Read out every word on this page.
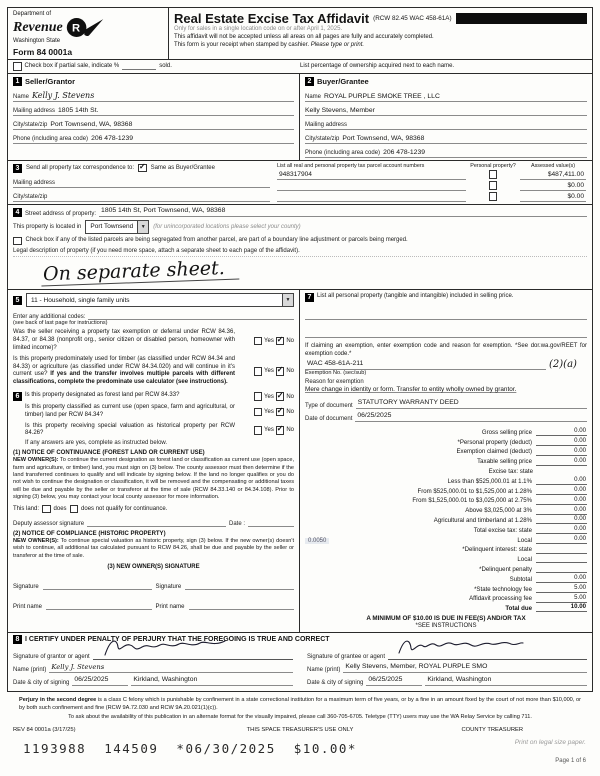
Department of
Revenue R
Washington State
Form 84 0001a
Real Estate Excise Tax Affidavit (RCW 82.45 WAC 458-61A)
Only for sales in a single location code on or after April 1, 2025.
This affidavit will not be accepted unless all areas on all pages are fully and accurately completed.
This form is your receipt when stamped by cashier. Please type or print.
Check box if partial sale, indicate %	sold.	List percentage of ownership acquired next to each name.
1 Seller/Grantor
Name Kelly J. Stevens
Mailing address 1805 14th St.
City/state/zip Port Townsend, WA, 98368
Phone (including area code) 206 478-1239
2 Buyer/Grantee
Name ROYAL PURPLE SMOKE TREE , LLC
Kelly Stevens, Member
Mailing address
City/state/zip Port Townsend, WA, 98368
Phone (including area code) 206 478-1239
3	Send all property tax correspondence to: ✓ Same as Buyer/Grantee
Mailing address
City/state/zip
List all real and personal property tax parcel account numbers	Personal property?	Assessed value(s)
948317904	$487,411.00
$0.00
$0.00
4 Street address of property: 1805 14th St, Port Townsend, WA, 98368
This property is located in	Port Townsend	▼	(for unincorporated locations please select your county)
Check box if any of the listed parcels are being segregated from another parcel, are part of a boundary line adjustment or parcels being merged.
Legal description of property (if you need more space, attach a separate sheet to each page of the affidavit).
On separate sheet.
5	11 - Household, single family units	▼
Enter any additional codes:
(see back of last page for instructions)
Was the seller receiving a property tax exemption or deferral under RCW 84.36, 84.37, or 84.38 (nonprofit org., senior citizen or disabled person, homeowner with limited income)?
Yes ✓ No
Is this property predominately used for timber (as classified under RCW 84.34 and 84.33) or agriculture (as classified under RCW 84.34.020) and will continue in it's current use? If yes and the transfer involves multiple parcels with different classifications, complete the predominate use calculator (see instructions).
Yes ✓ No
6 Is this property designated as forest land per RCW 84.33?	Yes ✓ No
Is this property classified as current use (open space, farm and agricultural, or timber) land per RCW 84.34?	Yes ✓ No
Is this property receiving special valuation as historical property per RCW 84.26?	Yes ✓ No
If any answers are yes, complete as instructed below.
(1) NOTICE OF CONTINUANCE (FOREST LAND OR CURRENT USE)
NEW OWNER(S): To continue the current designation as forest land or classification as current use (open space, farm and agriculture, or timber) land, you must sign on (3) below. The county assessor must then determine if the land transferred continues to qualify and will indicate by signing below. If the land no longer qualifies or you do not wish to continue the designation or classification, it will be removed and the compensating or additional taxes will be due and payable by the seller or transferor at the time of sale (RCW 84.33.140 or 84.34.108). Prior to signing (3) below, you may contact your local county assessor for more information.
This land: does does not qualify for continuance.
Deputy assessor signature	Date :
(2) NOTICE OF COMPLIANCE (HISTORIC PROPERTY)
NEW OWNER(S): To continue special valuation as historic property, sign (3) below. If the new owner(s) doesn't wish to continue, all additional tax calculated pursuant to RCW 84.26, shall be due and payable by the seller or transferor at the time of sale.
(3) NEW OWNER(S) SIGNATURE
Signature	Signature
Print name	Print name
7 List all personal property (tangible and intangible) included in selling price.
If claiming an exemption, enter exemption code and reason for exemption. *See dor.wa.gov/REET for exemption code.*
WAC 458-61A-211	(2)(a)
Exemption No. (sec/sub)
Reason for exemption
Mere change in identity or form. Transfer to entity wholly owned by grantor.
Type of document STATUTORY WARRANTY DEED
Date of document 06/25/2025
Gross selling price	0.00
*Personal property (deduct)	0.00
Exemption claimed (deduct)	0.00
Taxable selling price	0.00
Excise tax: state
Less than $525,000.01 at 1.1%	0.00
From $525,000.01 to $1,525,000 at 1.28%	0.00
From $1,525,000.01 to $3,025,000 at 2.75%	0.00
Above $3,025,000 at 3%	0.00
Agricultural and timberland at 1.28%	0.00
Total excise tax: state	0.00
0.0050	Local	0.00
*Delinquent interest: state
Local
*Delinquent penalty
Subtotal	0.00
*State technology fee	5.00
Affidavit processing fee	5.00
Total due	10.00
A MINIMUM OF $10.00 IS DUE IN FEE(S) AND/OR TAX
*SEE INSTRUCTIONS
8 I CERTIFY UNDER PENALTY OF PERJURY THAT THE FOREGOING IS TRUE AND CORRECT
Signature of grantor or agent
Name (print) Kelly J. Stevens
Date & city of signing 06/25/2025	Kirkland, Washington
Signature of grantee or agent
Name (print) Kelly Stevens, Member, ROYAL PURPLE SMO
Date & city of signing 06/25/2025	Kirkland, Washington
Perjury in the second degree is a class C felony which is punishable by confinement in a state correctional institution for a maximum term of five years, or by a fine in an amount fixed by the court of not more than $10,000, or by both such confinement and fine (RCW 9A.72.030 and RCW 9A.20.021(1)(c)).
To ask about the availability of this publication in an alternate format for the visually impaired, please call 360-705-6705. Teletype (TTY) users may use the WA Relay Service by calling 711.
REV 84 0001a (3/17/25)	THIS SPACE TREASURER'S USE ONLY	COUNTY TREASURER
1193988  144509  *06/30/2025  $10.00*	Print on legal size paper.
Page 1 of 6
